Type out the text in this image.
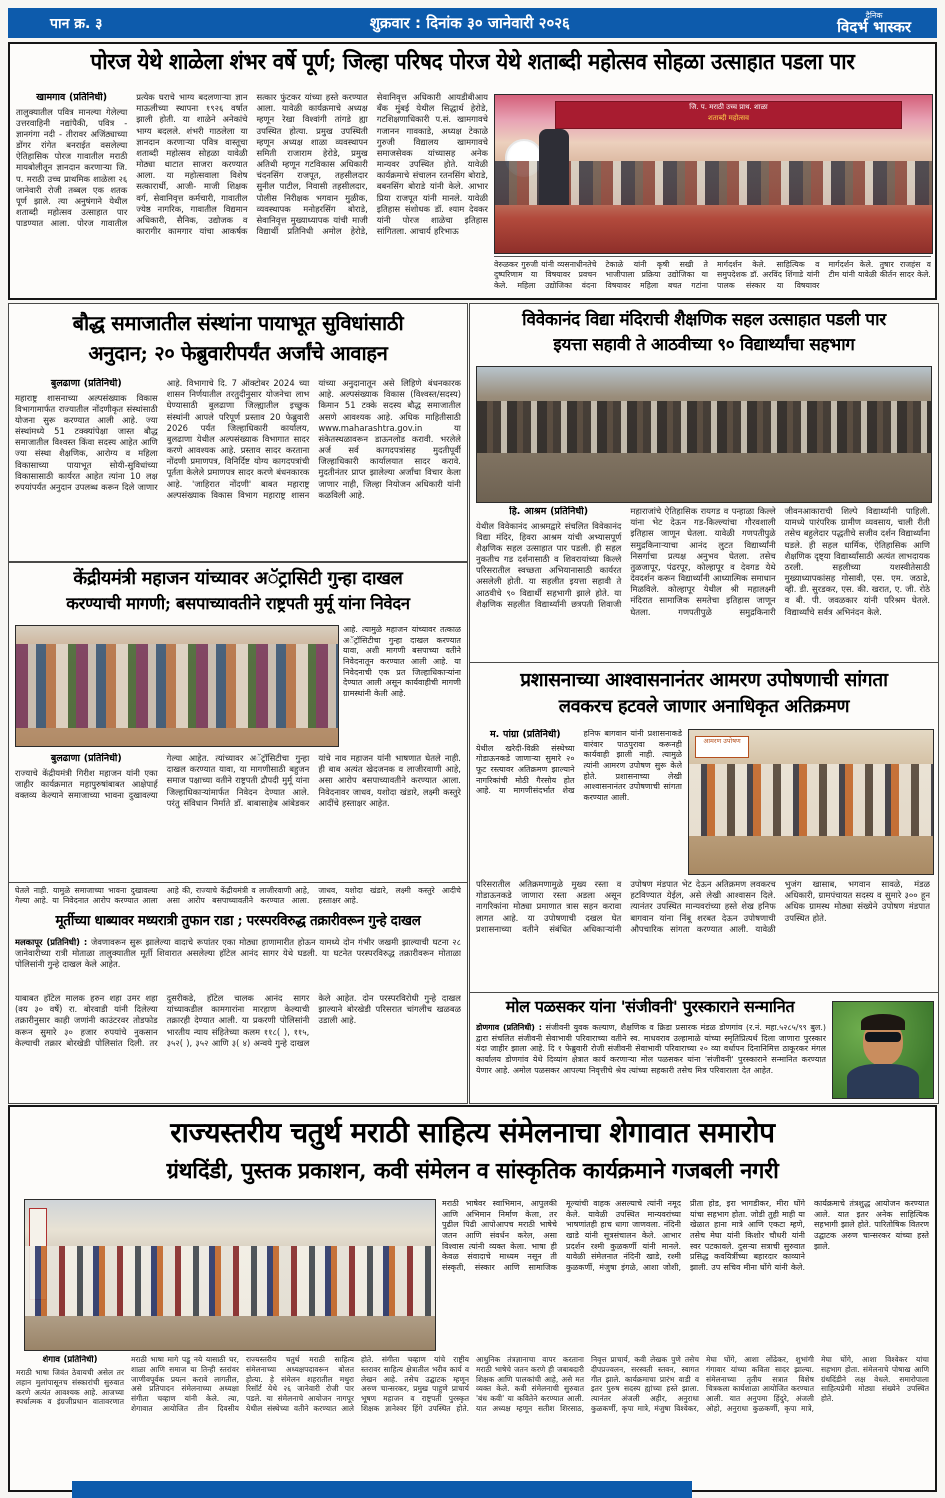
पान क्र. ३	शुक्रवार : दिनांक ३० जानेवारी २०२६	दैनिक
विदर्भ भास्कर
पोरज येथे शाळेला शंभर वर्षे पूर्ण; जिल्हा परिषद पोरज येथे शताब्दी महोत्सव सोहळा उत्साहात पडला पार
खामगाव (प्रतिनिधी)
तालुक्यातील पवित्र मानल्या गेलेल्या उत्तरवाहिनी नद्यांपैकी, पवित्र - ज्ञानगंगा नदी - तीरावर अजिंठ्याच्या डोंगर रांगेत बनराईत वसलेल्या ऐतिहासिक पोरज गावातील मराठी मायबोलीतून ज्ञानदान करणाऱ्या जि. प. मराठी उच्च प्राथमिक शाळेला २६ जानेवारी रोजी तब्बल एक शतक पूर्ण झाले. त्या अनुषंगाने येथील शताब्दी महोत्सव उत्साहात पार पाडण्यात आला. पोरज गावातील प्रत्येक घराचे भाग्य बदलणाऱ्या ज्ञान माऊलीच्या स्थापना १९२६ वर्षात झाली होती. या शाळेने अनेकांचे भाग्य बदलले. शंभरी गाठलेला या ज्ञानदान करणाऱ्या पवित्र वास्तूचा शताब्दी महोत्सव सोहळा यावेळी मोठ्या थाटात साजरा करण्यात आला. या महोत्सवाला विशेष सत्कारार्थी, आजी- माजी शिक्षक वर्ग, सेवानिवृत्त कर्मचारी, गावातील ज्येष्ठ नागरिक, गावातील विद्यमान अधिकारी, सैनिक, उद्योजक व कारागीर कामगार यांचा आकर्षक सत्कार फुंटकर यांच्या हस्ते करण्यात आला. यावेळी कार्यक्रमाचे अध्यक्ष म्हणून रेखा विश्वांगी तांगडे ह्या उपस्थित होत्या. प्रमुख उपस्थिती म्हणून अध्यक्ष शाळा व्यवस्थापन समिती राजाराम हेरोडे, प्रमुख अतिथी म्हणून गटविकास अधिकारी चंदनसिंग राजपूत, तहसीलदार सुनील पाटील, निवासी तहसीलदार, पोलीस निरीक्षक भगवान मुळीक, व्यवस्थापक मनोहरसिंग बोराडे, सेवानिवृत्त मुख्याध्यापक यांची माजी विद्यार्थी प्रतिनिधी अमोल हेरोडे, सेवानिवृत्त अधिकारी आयडीबीआय बँक मुंबई येथील सिद्धार्थ हेरोडे, गटशिक्षणाधिकारी प.सं. खामगावचे गजानन गावकाडे, अध्यक्ष टेकाळे गुरुजी विद्यालय खामगावचे समाजसेवक यांच्यासह अनेक मान्यवर उपस्थित होते. यावेळी कार्यक्रमाचे संचालन रतनसिंग बोराडे, बबनसिंग बोराडे यांनी केले. आभार प्रिया राजपूत यांनी मानले. यावेळी इतिहास संशोधक डॉ. श्याम देवकर यांनी पोरज शाळेचा इतिहास सांगितला. आचार्य हरिभाऊ
जि. प. मराठी उच्च प्राथ. शाळा
शताब्दी महोत्सव
वेरुळकर गुरुजी यांनी व्यसनाधीनतेचे दुष्परिणाम या विषयावर प्रवचन केले. महिला उद्योजिका वंदना टेकाळे यांनी कृषी सखी ते भाजीपाला प्रक्रिया उद्योजिका या विषयावर महिला बचत गटांना मार्गदर्शन केले. साहित्यिक व समुपदेशक डॉ. अरविंद शिंगाडे यांनी पालक संस्कार या विषयावर मार्गदर्शन केले. तुषार राजहंस व टीम यांनी यावेळी कीर्तन सादर केले.
बौद्ध समाजातील संस्थांना पायाभूत सुविधांसाठी
अनुदान; २० फेब्रुवारीपर्यंत अर्जांचे आवाहन
बुलढाणा (प्रतिनिधी)
महाराष्ट्र शासनाच्या अल्पसंख्याक विकास विभागामार्फत राज्यातील नोंदणीकृत संस्थांसाठी योजना सुरू करण्यात आली आहे. ज्या संस्थांमध्ये 51 टक्क्यांपेक्षा जास्त बौद्ध समाजातील विश्वस्त किंवा सदस्य आहेत आणि ज्या संस्था शैक्षणिक, आरोग्य व महिला विकासाच्या पायाभूत सोयी-सुविधांच्या विकासासाठी कार्यरत आहेत त्यांना 10 लक्ष रुपयांपर्यंत अनुदान उपलब्ध करून दिले जाणार आहे. विभागाचे दि. 7 ऑक्टोबर 2024 च्या शासन निर्णयातील तरतुदीनुसार योजनेचा लाभ घेण्यासाठी बुलढाणा जिल्ह्यातील इच्छुक संस्थांनी आपले परिपूर्ण प्रस्ताव 20 फेब्रुवारी 2026 पर्यंत जिल्हाधिकारी कार्यालय, बुलढाणा येथील अल्पसंख्याक विभागात सादर करणे आवश्यक आहे. प्रस्ताव सादर करताना नोंदणी प्रमाणपत्र, विनिर्दिष्ट योग्य कागदपत्रांची पूर्तता केलेले प्रमाणपत्र सादर करणे बंधनकारक आहे. 'जाहिरात नोंदणी' बाबत महाराष्ट्र अल्पसंख्याक विकास विभाग महाराष्ट्र शासन यांच्या अनुदानातून असे लिहिणे बंधनकारक आहे. अल्पसंख्याक विकास (विश्वस्त/सदस्य) किमान 51 टक्के सदस्य बौद्ध समाजातील असणे आवश्यक आहे. अधिक माहितीसाठी www.maharashtra.gov.in या संकेतस्थळावरून डाऊनलोड करावी. भरलेले अर्ज सर्व कागदपत्रांसह मुदतीपूर्वी जिल्हाधिकारी कार्यालयात सादर करावे. मुदतीनंतर प्राप्त झालेल्या अर्जांचा विचार केला जाणार नाही, जिल्हा नियोजन अधिकारी यांनी कळविली आहे.
विवेकानंद विद्या मंदिराची शैक्षणिक सहल उत्साहात पडली पार
इयत्ता सहावी ते आठवीच्या ९० विद्यार्थ्यांचा सहभाग
हि. आश्रम (प्रतिनिधी)
येथील विवेकानंद आश्रमद्वारे संचलित विवेकानंद विद्या मंदिर, हिवरा आश्रम यांची अभ्यासपूर्ण शैक्षणिक सहल उत्साहात पार पडली. ही सहल नुकतीच गड दर्शनासाठी व शिवरायांच्या किल्ले परिसरातील स्वच्छता अभियानासाठी कार्यरत असलेली होती. या सहलीत इयत्ता सहावी ते आठवीचे ९० विद्यार्थी सहभागी झाले होते. या शैक्षणिक सहलीत विद्यार्थ्यांनी छत्रपती शिवाजी महाराजांचे ऐतिहासिक रायगड व पन्हाळा किल्ले यांना भेट देऊन गड-किल्ल्यांचा गौरवशाली इतिहास जाणून घेतला. यावेळी गणपतीपुळे समुद्रकिनाऱ्याचा आनंद लुटत विद्यार्थ्यांनी निसर्गाचा प्रत्यक्ष अनुभव घेतला. तसेच तुळजापूर, पंढरपूर, कोल्हापूर व देवगड येथे देवदर्शन करून विद्यार्थ्यांनी आध्यात्मिक समाधान मिळविले. कोल्हापूर येथील श्री महालक्ष्मी मंदिरात सामाजिक समतेचा इतिहास जाणून घेतला. गणपतीपुळे समुद्रकिनारी जीवनआकाराची शिल्पे विद्यार्थ्यांनी पाहिली. यामध्ये पारंपरिक ग्रामीण व्यवसाय, चाली रीती तसेच बहुलेदार पद्धतीचे सजीव दर्शन विद्यार्थ्यांना घडले. ही सहल धार्मिक, ऐतिहासिक आणि शैक्षणिक दृष्ट्या विद्यार्थ्यांसाठी अत्यंत लाभदायक ठरली. सहलीच्या यशस्वीतेसाठी मुख्याध्यापकांसह गोसावी, एस. एम. जठाडे, व्ही. डी. सुरडकर, एस. की. खरात, ए. जी. रोठे व बी. पी. जवळकार यांनी परिश्रम घेतले. विद्यार्थ्यांचे सर्वत्र अभिनंदन केले.
केंद्रीयमंत्री महाजन यांच्यावर अॅट्रासिटी गुन्हा दाखल
करण्याची मागणी; बसपाच्यावतीने राष्ट्रपती मुर्मू यांना निवेदन
आहे. त्यामुळे महाजन यांच्यावर तत्काळ अॅट्रॉसिटीचा गुन्हा दाखल करण्यात यावा, अशी मागणी बसपाच्या वतीने निवेदनातून करण्यात आली आहे. या निवेदनाची एक प्रत जिल्हाधिकाऱ्यांना देण्यात आली असून कार्यवाहीची मागणी ग्रामस्थांनी केली आहे.
बुलढाणा (प्रतिनिधी)
राज्याचे केंद्रीयमंत्री गिरीश महाजन यांनी एका जाहीर कार्यक्रमात महापुरुषांबाबत आक्षेपार्ह वक्तव्य केल्याने समाजाच्या भावना दुखावल्या गेल्या आहेत. त्यांच्यावर अॅट्रॉसिटीचा गुन्हा दाखल करण्यात यावा, या मागणीसाठी बहुजन समाज पक्षाच्या वतीने राष्ट्रपती द्रौपदी मुर्मू यांना जिल्हाधिकाऱ्यांमार्फत निवेदन देण्यात आले. परंतु संविधान निर्माते डॉ. बाबासाहेब आंबेडकर यांचे नाव महाजन यांनी भाषणात घेतले नाही. ही बाब अत्यंत खेदजनक व लाजीरवाणी आहे, असा आरोप बसपाच्यावतीने करण्यात आला. निवेदनावर जाधव, यशोदा खंडारे, लक्ष्मी कस्तुरे आदींचे हस्ताक्षर आहेत.
प्रशासनाच्या आश्वासनानंतर आमरण उपोषणाची सांगता
लवकरच हटवले जाणार अनाधिकृत अतिक्रमण
म. पांग्रा (प्रतिनिधी)
येथील खरेदी-विक्री संस्थेच्या गोडाऊनकडे जाणाऱ्या सुमारे २० फूट रस्त्यावर अतिक्रमण झाल्याने नागरिकांची मोठी गैरसोय होत आहे. या मागणीसंदर्भात शेख हनिफ बागवान यांनी प्रशासनाकडे वारंवार पाठपुरावा करूनही कार्यवाही झाली नाही. त्यामुळे त्यांनी आमरण उपोषण सुरू केले होते. प्रशासनाच्या लेखी आश्वासनानंतर उपोषणाची सांगता करण्यात आली.
आमरण उपोषण
परिसरातील अतिक्रमणामुळे मुख्य रस्ता व गोडाऊनकडे जाणारा रस्ता अडला असून नागरिकांना मोठ्या प्रमाणात त्रास सहन करावा लागत आहे. या उपोषणाची दखल घेत प्रशासनाच्या वतीने संबंधित अधिकाऱ्यांनी उपोषण मंडपात भेट देऊन अतिक्रमण लवकरच हटविण्यात येईल, असे लेखी आश्वासन दिले. त्यानंतर उपस्थित मान्यवरांच्या हस्ते शेख हनिफ बागवान यांना निंबू शरबत देऊन उपोषणाची औपचारिक सांगता करण्यात आली. यावेळी भुजंग खासाब, भगवान सावळे, मंडळ अधिकारी, ग्रामपंचायत सदस्य व सुमारे ३०० हून अधिक ग्रामस्थ मोठ्या संख्येने उपोषण मंडपात उपस्थित होते.
घेतले नाही. यामुळे समाजाच्या भावना दुखावल्या गेल्या आहे. या निवेदनात आरोप करण्यात आला आहे की, राज्याचे केंद्रीयमंत्री व लाजीरवाणी आहे, असा आरोप बसपाच्यावतीने करण्यात आला. जाधव, यशोदा खंडारे, लक्ष्मी कस्तुरे आदीचे हस्ताक्षर आहे.
मूर्तीच्या धाब्यावर मध्यरात्री तुफान राडा ; परस्परविरुद्ध तक्रारीवरून गुन्हे दाखल
मलकापूर (प्रतिनिधी) : जेवणावरून सुरू झालेल्या वादाचे रूपांतर एका मोठ्या हाणामारीत होऊन यामध्ये दोन गंभीर जखमी झाल्याची घटना २८ जानेवारीच्या रात्री मोताळा तालुक्यातील मूर्ती शिवारात असलेल्या हॉटेल आनंद सागर येथे घडली. या घटनेत परस्परविरुद्ध तक्रारीवरून मोताळा पोलिसांनी गुन्हे दाखल केले आहेत.
याबाबत हॉटेल मालक हरुन शहा उमर शहा (वय ३० वर्षे) रा. बोरवाडी यांनी दिलेल्या तक्रारीनुसार काही जणांनी काउंटरवर तोडफोड करून सुमारे ३० हजार रुपयांचे नुकसान केल्याची तक्रार बोरखेडी पोलिसांत दिली. तर दुसरीकडे, हॉटेल चालक आनंद सागर यांच्याकडील कामगारांना मारहाण केल्याची तक्रारही देण्यात आली. या प्रकरणी पोलिसांनी भारतीय न्याय संहितेच्या कलम ११८( ), ११५, ३५२( ), ३५२ आणि ३( ४) अन्वये गुन्हे दाखल केले आहेत. दोन परस्परविरोधी गुन्हे दाखल झाल्याने बोरखेडी परिसरात चांगलीच खळबळ उडाली आहे.
मोल पळसकर यांना 'संजीवनी' पुरस्काराने सन्मानित
डोणगाव (प्रतिनिधी) : संजीवनी युवक कल्याण, शैक्षणिक व क्रिडा प्रसारक मंडळ डोणगांव (र.नं. महा.५२८५/९९ बुल.) द्वारा संचलित संजीवनी सेवाभावी परिवाराच्या वतीने स्व. माधवराव उल्हामाळे यांच्या स्मृतिप्रित्यर्थ दिला जाणारा पुरस्कार यंदा जाहीर झाला आहे. दि १ फेब्रुवारी रोजी संजीवनी सेवाभावी परिवाराच्या २० व्या वर्धापन दिनानिमित्त ठाकूरकर मंगल कार्यालय डोणगांव येथे दिव्यांग क्षेत्रात कार्य करणाऱ्या मोल पळसकर यांना 'संजीवनी' पुरस्काराने सन्मानित करण्यात येणार आहे. अमोल पळसकर आपल्या निवृत्तीचे श्रेय त्यांच्या सहकारी तसेच मित्र परिवाराला देत आहेत.
राज्यस्तरीय चतुर्थ मराठी साहित्य संमेलनाचा शेगावात समारोप
ग्रंथदिंडी, पुस्तक प्रकाशन, कवी संमेलन व सांस्कृतिक कार्यक्रमाने गजबली नगरी
मराठी भाषेवर स्वाभिमान, आपुलकी आणि अभिमान निर्माण केला, तर पुढील पिढी आपोआपच मराठी भाषेचे जतन आणि संवर्धन करेल, असा विश्वास त्यांनी व्यक्त केला. भाषा ही केवळ संवादाचे माध्यम नसून ती संस्कृती, संस्कार आणि सामाजिक मूल्यांची वाहक असल्याचे त्यांनी नमूद केले. यावेळी उपस्थित मान्यवरांच्या भाषणांतही हाच धागा जाणवला. नंदिनी खाडे यांनी सूत्रसंचालन केले. आभार प्रदर्शन रश्मी कुळकर्णी यांनी मानले. यावेळी संमेलनात नंदिनी खाडे, रश्मी कुळकर्णी, मंजुषा इंगळे, आशा जोशी, प्रीता होड, इरा भागडीकर, मीरा घोंगे यांचा सहभाग होता. जोडी तुही माही या खेळात हाना मात्रे आणि एकटा म्हणे, तसेच मेघा यांनी किशोर चौधरी यांनी स्वर पटकावले. दुसऱ्या सत्राची सुरुवात प्रसिद्ध कवयित्रींच्या बहारदार काव्याने झाली. उप सचिव मीना घोंगे यांनी केले. कार्यक्रमाचे तंत्रशुद्ध आयोजन करण्यात आले. यात इतर अनेक साहित्यिक सहभागी झाले होते. पारितोषिक वितरण उद्घाटक अरुण चान्सरकर यांच्या हस्ते झाले.
शेगाव (प्रतिनिधी)
मराठी भाषा जिवंत ठेवायची असेल तर लहान मुलांपासूनच संस्कारांची सुरुवात करणे अत्यंत आवश्यक आहे. आजच्या स्पर्धात्मक व इंग्रजीप्रधान वातावरणात मराठी भाषा मागे पडू नये यासाठी घर, शाळा आणि समाज या तिन्ही स्तरांवर जाणीवपूर्वक प्रयत्न करावे लागतील, असे प्रतिपादन संमेलनाच्या अध्यक्षा संगीता चव्हाण यांनी केले. त्या, शेगावात आयोजित तीन दिवसीय राज्यस्तरीय चतुर्थ मराठी साहित्य संमेलनाच्या अध्यक्षपदावरून बोलत होत्या. हे संमेलन शहरातील मथुरा रिसॉर्ट येथे २६ जानेवारी रोजी पार पडले. या संमेलनाचे आयोजन नागपूर येथील संस्थेच्या वतीने करण्यात आले होते. संगीता चव्हाण यांचे राष्ट्रीय स्तरावर साहित्य क्षेत्रातील भरीव कार्य व लेखन आहे. तसेच उद्घाटक म्हणून अरुण चान्सरकर, प्रमुख पाहुणे प्राचार्य भूषण महाजन व राष्ट्रपती पुरस्कृत शिक्षक ज्ञानेश्वर हिंगे उपस्थित होते. आधुनिक तंत्रज्ञानाचा वापर करताना मराठी भाषेचे जतन करणे ही जबाबदारी शिक्षक आणि पालकांची आहे, असे मत व्यक्त केले. कवी संमेलनाची सुरुवात 'बंध कवी' या कवितेने करण्यात आली. यात अध्यक्ष म्हणून सतीश शिरसाठ, निवृत्त प्राचार्य, कवी लेखक पुणे तसेच दीपप्रज्वलन, सरस्वती स्तवन, स्वागत गीत झाले. कार्यक्रमाचा प्रारंभ वाडी व इतर पुरुष सदस्य ह्यांच्या हस्ते झाला. त्यानंतर अंजली अहीर, अनुराधा कुळकर्णी, कृपा मात्रे, मंजुषा विश्वेकर, मेघा घोंगे, आशा लोंढेकर, शुभांगी गंगावार यांच्या कविता सादर झाल्या. संमेलनाच्या तृतीय सत्रात विशेष चित्रकला कार्यशाळा आयोजित करण्यात आली. यात अनुपमा हिंदुरे, अंजली ओहो, अनुराधा कुळकर्णी, कृपा मात्रे, मेघा घोंगे, आशा विश्वेकर यांचा सहभाग होता. संमेलनाचे पोषाख आणि ग्रंथदिंडीने लक्ष वेधले. समारोपाला साहित्यप्रेमी मोठ्या संख्येने उपस्थित होते.
